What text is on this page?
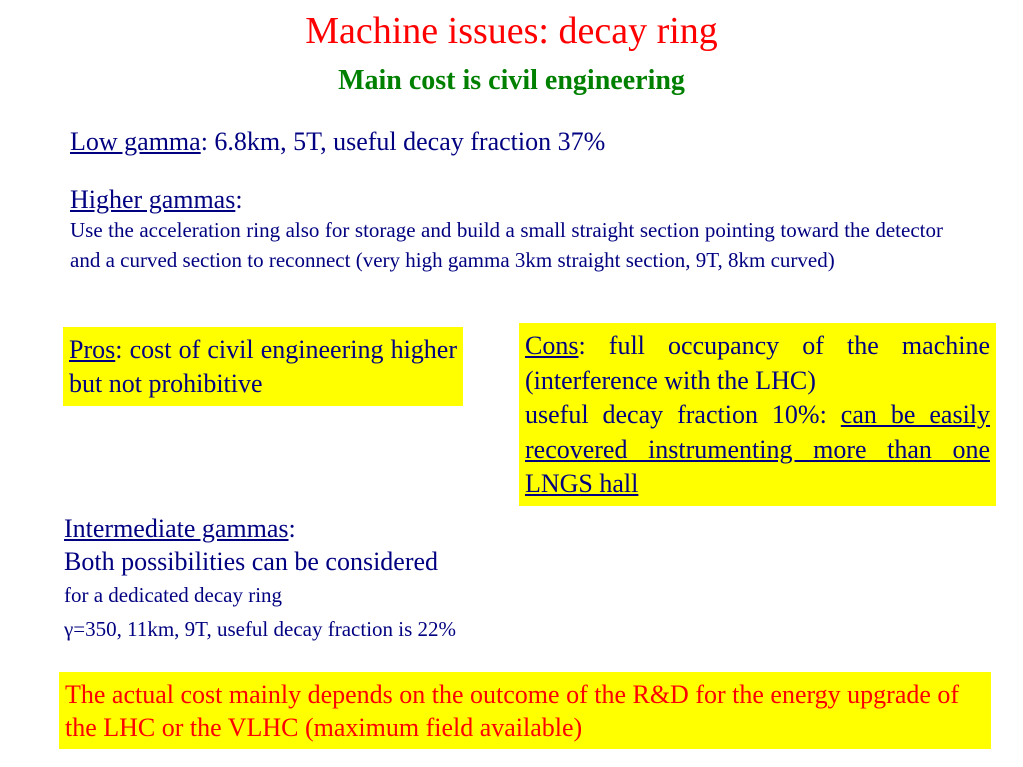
Machine issues: decay ring
Main cost is civil engineering
Low gamma: 6.8km, 5T, useful decay fraction 37%
Higher gammas:
Use the acceleration ring also for storage and build a small straight section pointing toward the detector and a curved section to reconnect (very high gamma 3km straight section, 9T, 8km curved)
Pros: cost of civil engineering higher but not prohibitive
Cons: full occupancy of the machine (interference with the LHC)
useful decay fraction 10%: can be easily recovered instrumenting more than one LNGS hall
Intermediate gammas:
Both possibilities can be considered
for a dedicated decay ring
γ=350, 11km, 9T, useful decay fraction is 22%
The actual cost mainly depends on the outcome of the R&D for the energy upgrade of the LHC or the VLHC (maximum field available)
